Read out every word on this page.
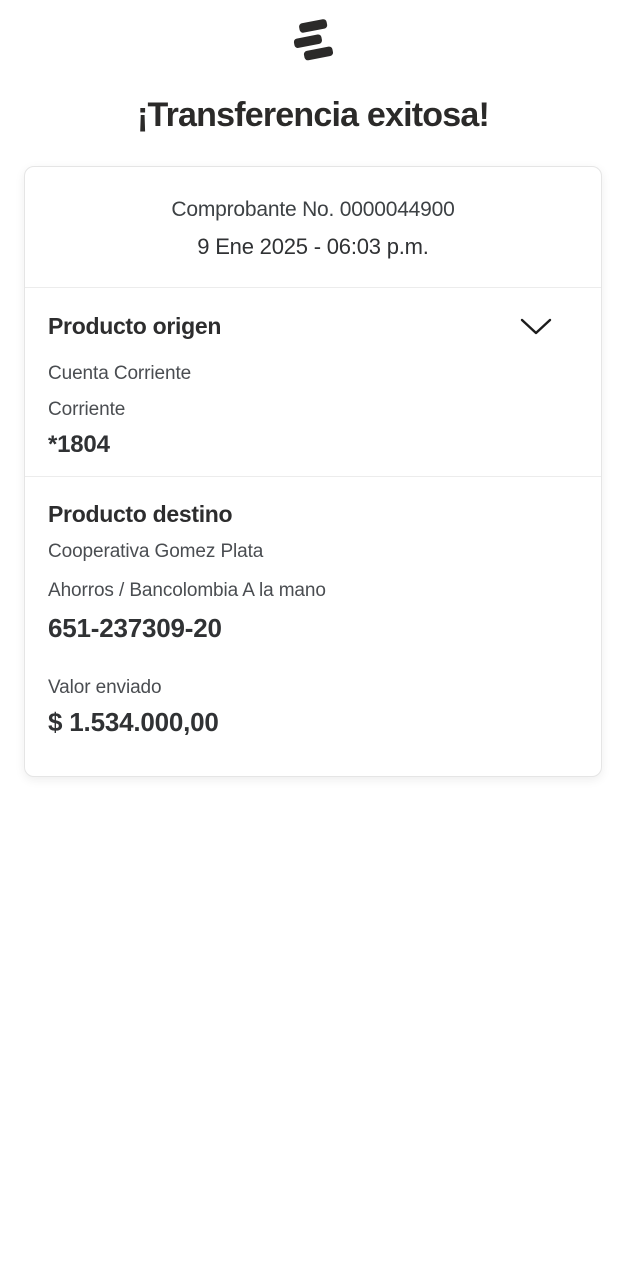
¡Transferencia exitosa!
Comprobante No. 0000044900
9 Ene 2025 - 06:03 p.m.
Producto origen
Cuenta Corriente
Corriente
*1804
Producto destino
Cooperativa Gomez Plata
Ahorros / Bancolombia A la mano
651-237309-20
Valor enviado
$ 1.534.000,00
